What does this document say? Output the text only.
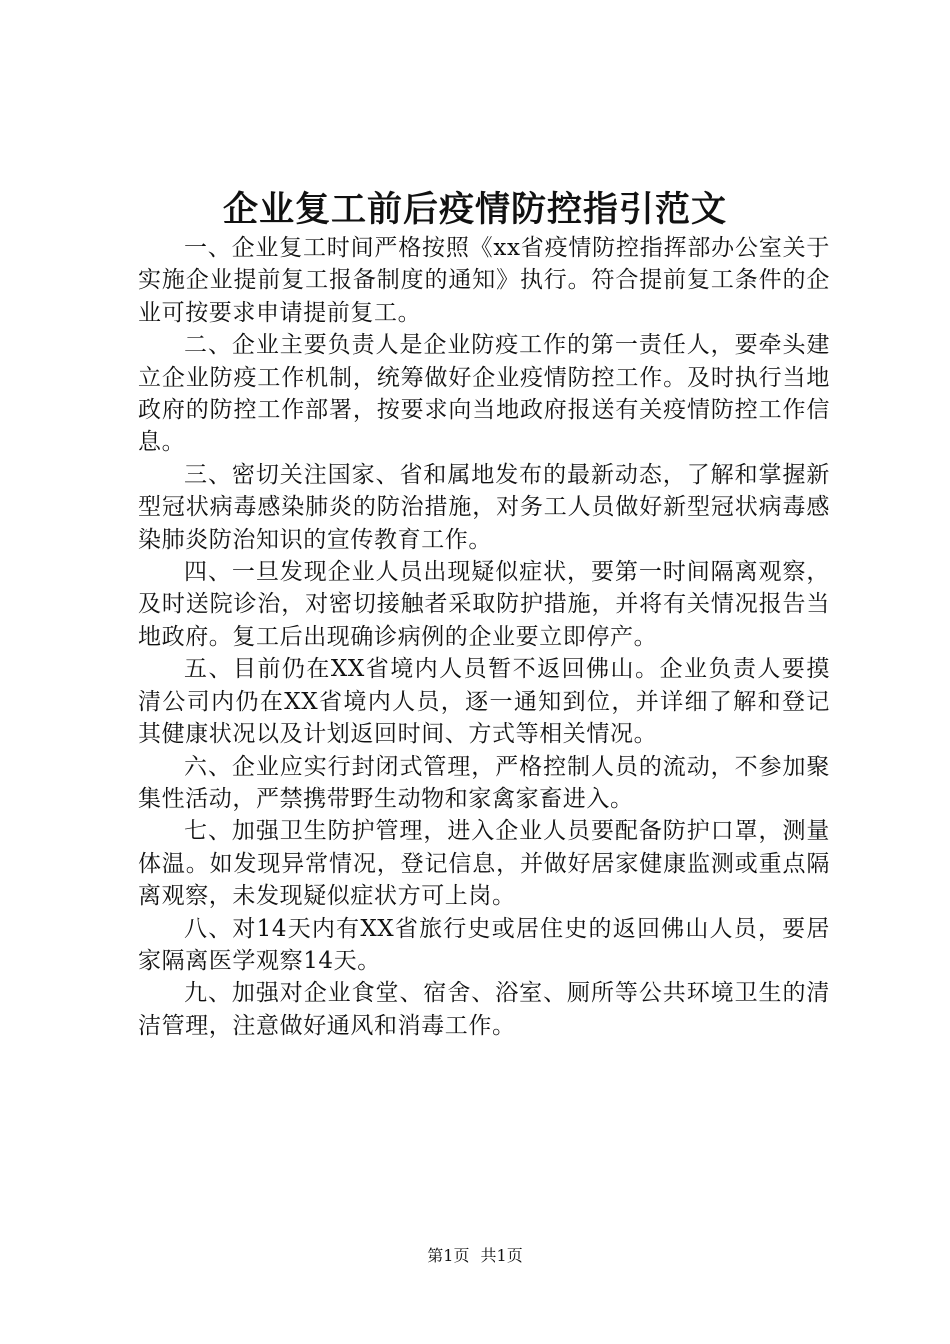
企业复工前后疫情防控指引范文

一、企业复工时间严格按照《xx省疫情防控指挥部办公室关于实施企业提前复工报备制度的通知》执行。符合提前复工条件的企业可按要求申请提前复工。

二、企业主要负责人是企业防疫工作的第一责任人，要牵头建立企业防疫工作机制，统筹做好企业疫情防控工作。及时执行当地政府的防控工作部署，按要求向当地政府报送有关疫情防控工作信息。

三、密切关注国家、省和属地发布的最新动态，了解和掌握新型冠状病毒感染肺炎的防治措施，对务工人员做好新型冠状病毒感染肺炎防治知识的宣传教育工作。

四、一旦发现企业人员出现疑似症状，要第一时间隔离观察，及时送院诊治，对密切接触者采取防护措施，并将有关情况报告当地政府。复工后出现确诊病例的企业要立即停产。

五、目前仍在XX省境内人员暂不返回佛山。企业负责人要摸清公司内仍在XX省境内人员，逐一通知到位，并详细了解和登记其健康状况以及计划返回时间、方式等相关情况。

六、企业应实行封闭式管理，严格控制人员的流动，不参加聚集性活动，严禁携带野生动物和家禽家畜进入。

七、加强卫生防护管理，进入企业人员要配备防护口罩，测量体温。如发现异常情况，登记信息，并做好居家健康监测或重点隔离观察，未发现疑似症状方可上岗。

八、对14天内有XX省旅行史或居住史的返回佛山人员，要居家隔离医学观察14天。

九、加强对企业食堂、宿舍、浴室、厕所等公共环境卫生的清洁管理，注意做好通风和消毒工作。

第1页 共1页
